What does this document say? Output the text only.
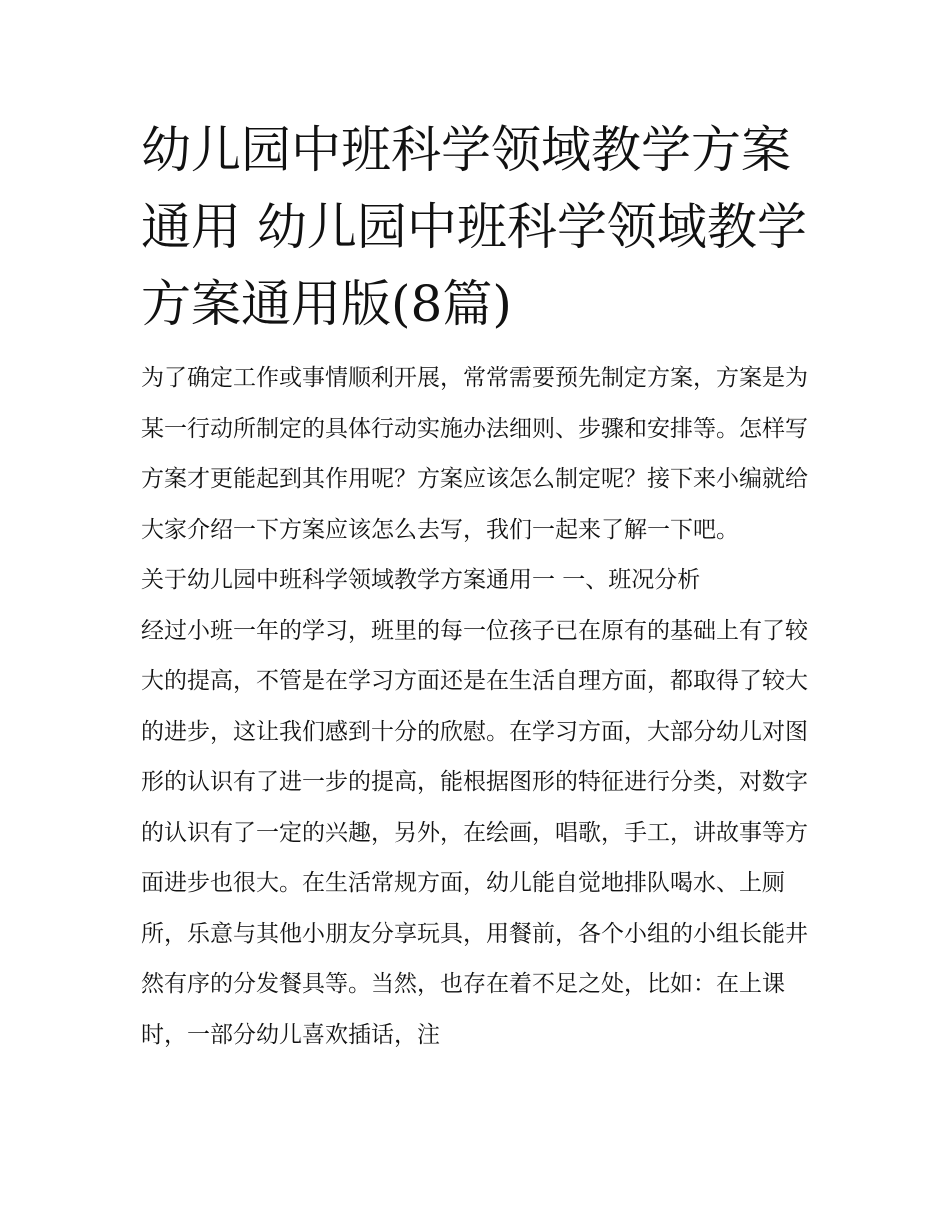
幼儿园中班科学领域教学方案通用 幼儿园中班科学领域教学方案通用版(8篇)

为了确定工作或事情顺利开展，常常需要预先制定方案，方案是为某一行动所制定的具体行动实施办法细则、步骤和安排等。怎样写方案才更能起到其作用呢？方案应该怎么制定呢？接下来小编就给大家介绍一下方案应该怎么去写，我们一起来了解一下吧。

关于幼儿园中班科学领域教学方案通用一 一、班况分析

经过小班一年的学习，班里的每一位孩子已在原有的基础上有了较大的提高，不管是在学习方面还是在生活自理方面，都取得了较大的进步，这让我们感到十分的欣慰。在学习方面，大部分幼儿对图形的认识有了进一步的提高，能根据图形的特征进行分类，对数字的认识有了一定的兴趣，另外，在绘画，唱歌，手工，讲故事等方面进步也很大。在生活常规方面，幼儿能自觉地排队喝水、上厕所，乐意与其他小朋友分享玩具，用餐前，各个小组的小组长能井然有序的分发餐具等。当然，也存在着不足之处，比如：在上课时，一部分幼儿喜欢插话，注
